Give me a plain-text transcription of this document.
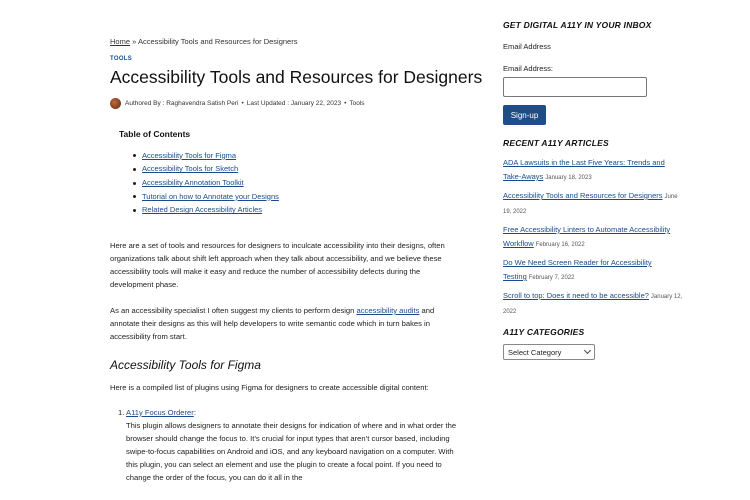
Home » Accessibility Tools and Resources for Designers
TOOLS
Accessibility Tools and Resources for Designers
Authored By : Raghavendra Satish Peri • Last Updated : January 22, 2023 • Tools
Table of Contents
Accessibility Tools for Figma
Accessibility Tools for Sketch
Accessibility Annotation Toolkit
Tutorial on how to Annotate your Designs
Related Design Accessibility Articles

Here are a set of tools and resources for designers to inculcate accessibility into their designs, often organizations talk about shift left approach when they talk about accessibility, and we believe these accessibility tools will make it easy and reduce the number of accessibility defects during the development phase.

As an accessibility specialist I often suggest my clients to perform design accessibility audits and annotate their designs as this will help developers to write semantic code which in turn bakes in accessibility from start.

Accessibility Tools for Figma

Here is a compiled list of plugins using Figma for designers to create accessible digital content:

1. A11y Focus Orderer:

This plugin allows designers to annotate their designs for indication of where and in what order the browser should change the focus to. It’s crucial for input types that aren’t cursor based, including swipe-to-focus capabilities on Android and iOS, and any keyboard navigation on a computer. With this plugin, you can select an element and use the plugin to create a focal point. If you need to change the order of the focus, you can do it all in the

GET DIGITAL A11Y IN YOUR INBOX
Email Address
Email Address:
Sign-up
RECENT A11Y ARTICLES
ADA Lawsuits in the Last Five Years: Trends and Take-Aways January 18, 2023
Accessibility Tools and Resources for Designers June 19, 2022
Free Accessibility Linters to Automate Accessibility Workflow February 16, 2022
Do We Need Screen Reader for Accessibility Testing February 7, 2022
Scroll to top: Does it need to be accessible? January 12, 2022
A11Y CATEGORIES
Select Category
